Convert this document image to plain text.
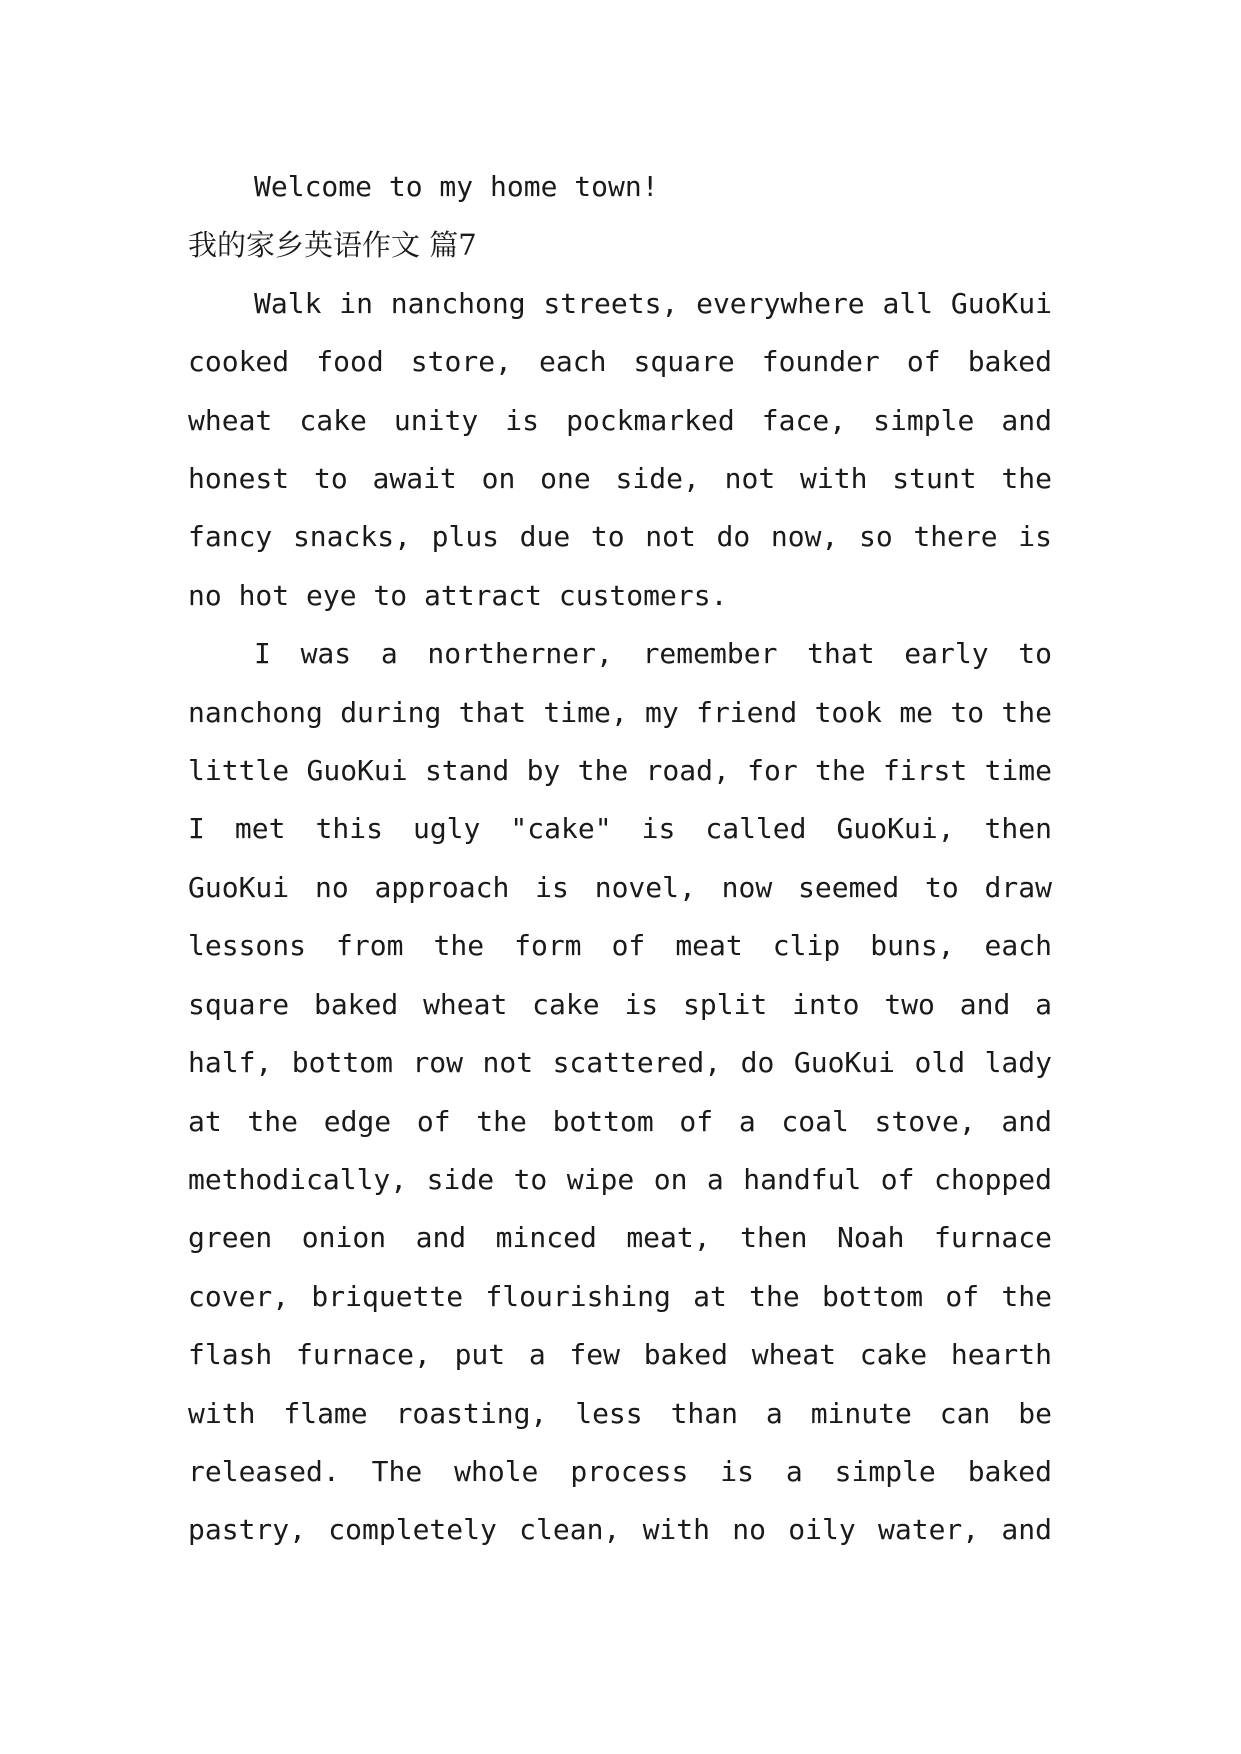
Welcome to my home town!
我的家乡英语作文 篇7
Walk in nanchong streets, everywhere all GuoKui
cooked food store, each square founder of baked
wheat cake unity is pockmarked face, simple and
honest to await on one side, not with stunt the
fancy snacks, plus due to not do now, so there is
no hot eye to attract customers.
I was a northerner, remember that early to
nanchong during that time, my friend took me to the
little GuoKui stand by the road, for the first time
I met this ugly "cake" is called GuoKui, then
GuoKui no approach is novel, now seemed to draw
lessons from the form of meat clip buns, each
square baked wheat cake is split into two and a
half, bottom row not scattered, do GuoKui old lady
at the edge of the bottom of a coal stove, and
methodically, side to wipe on a handful of chopped
green onion and minced meat, then Noah furnace
cover, briquette flourishing at the bottom of the
flash furnace, put a few baked wheat cake hearth
with flame roasting, less than a minute can be
released. The whole process is a simple baked
pastry, completely clean, with no oily water, and
